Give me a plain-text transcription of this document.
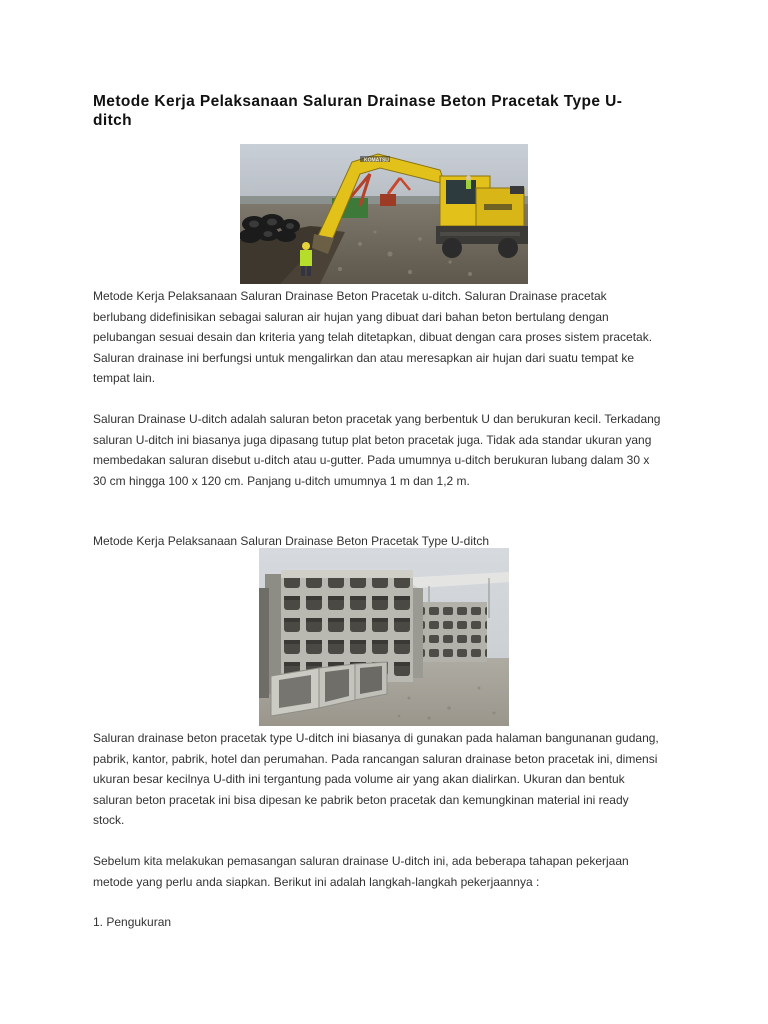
Metode Kerja Pelaksanaan Saluran Drainase Beton Pracetak Type U-ditch
KOMATSU

Metode Kerja Pelaksanaan Saluran Drainase Beton Pracetak u-ditch. Saluran Drainase pracetak
berlubang didefinisikan sebagai saluran air hujan yang dibuat dari bahan beton bertulang dengan
pelubangan sesuai desain dan kriteria yang telah ditetapkan, dibuat dengan cara proses sistem pracetak.
Saluran drainase ini berfungsi untuk mengalirkan dan atau meresapkan air hujan dari suatu tempat ke
tempat lain.

Saluran Drainase U-ditch adalah saluran beton pracetak yang berbentuk U dan berukuran kecil. Terkadang
saluran U-ditch ini biasanya juga dipasang tutup plat beton pracetak juga. Tidak ada standar ukuran yang
membedakan saluran disebut u-ditch atau u-gutter. Pada umumnya u-ditch berukuran lubang dalam 30 x
30 cm hingga 100 x 120 cm. Panjang u-ditch umumnya 1 m dan 1,2 m.

Metode Kerja Pelaksanaan Saluran Drainase Beton Pracetak Type U-ditch

Saluran drainase beton pracetak type U-ditch ini biasanya di gunakan pada halaman bangunanan gudang,
pabrik, kantor, pabrik, hotel dan perumahan. Pada rancangan saluran drainase beton pracetak ini, dimensi
ukuran besar kecilnya U-dith ini tergantung pada volume air yang akan dialirkan. Ukuran dan bentuk
saluran beton pracetak ini bisa dipesan ke pabrik beton pracetak dan kemungkinan material ini ready
stock.

Sebelum kita melakukan pemasangan saluran drainase U-ditch ini, ada beberapa tahapan pekerjaan
metode yang perlu anda siapkan. Berikut ini adalah langkah-langkah pekerjaannya :

1. Pengukuran
